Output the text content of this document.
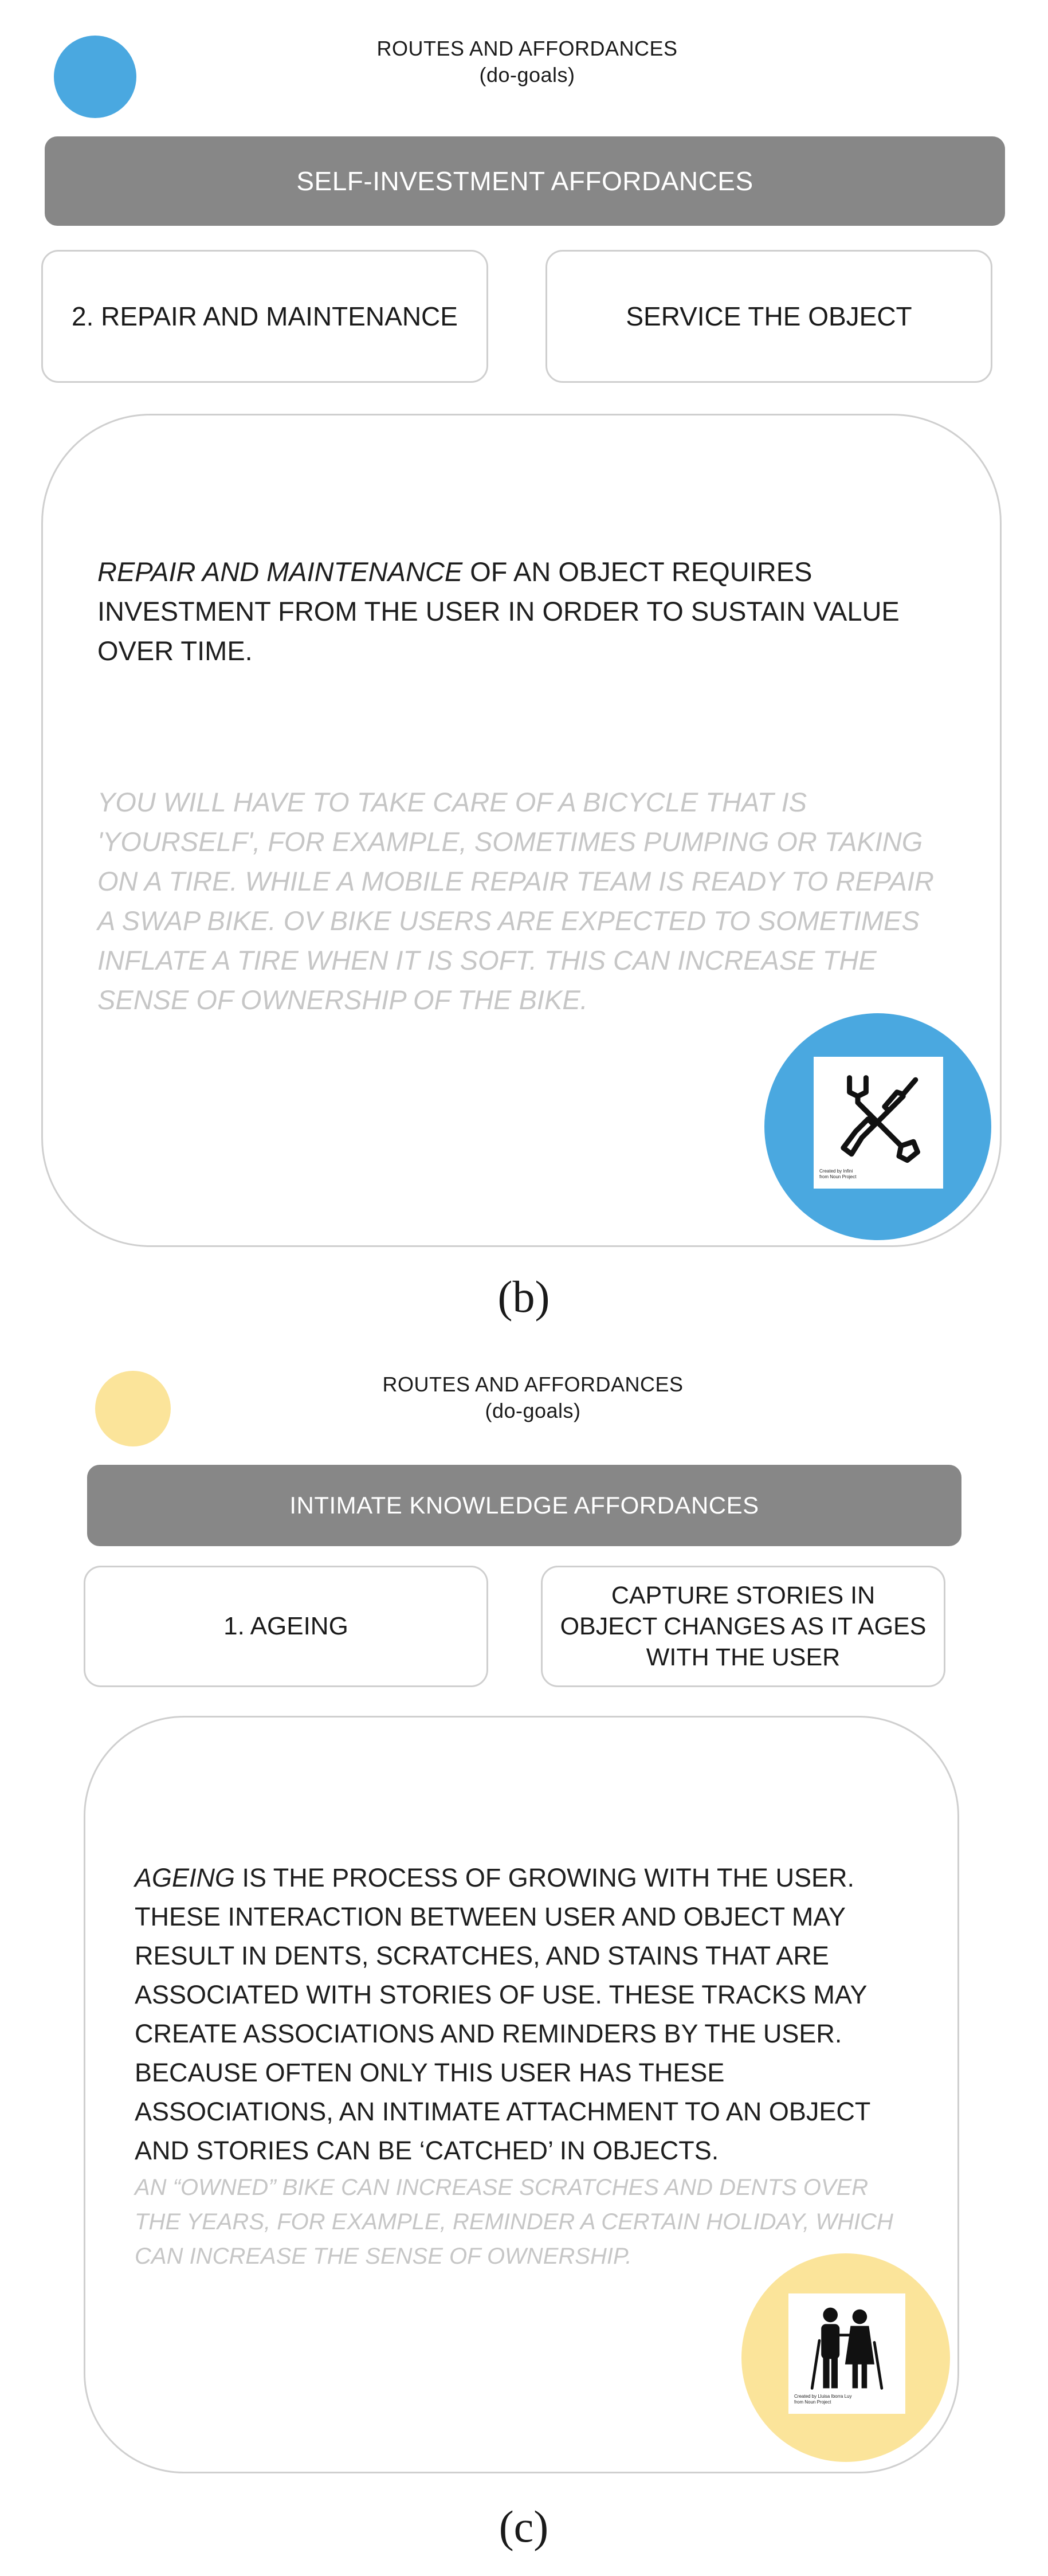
ROUTES AND AFFORDANCES
(do-goals)
SELF-INVESTMENT AFFORDANCES
2. REPAIR AND MAINTENANCE	SERVICE THE OBJECT
REPAIR AND MAINTENANCE OF AN OBJECT REQUIRES INVESTMENT FROM THE USER IN ORDER TO SUSTAIN VALUE OVER TIME.
YOU WILL HAVE TO TAKE CARE OF A BICYCLE THAT IS 'YOURSELF', FOR EXAMPLE, SOMETIMES PUMPING OR TAKING ON A TIRE. WHILE A MOBILE REPAIR TEAM IS READY TO REPAIR A SWAP BIKE. OV BIKE USERS ARE EXPECTED TO SOMETIMES INFLATE A TIRE WHEN IT IS SOFT. THIS CAN INCREASE THE SENSE OF OWNERSHIP OF THE BIKE.
Created by Infini
from Noun Project
(b)
ROUTES AND AFFORDANCES
(do-goals)
INTIMATE KNOWLEDGE AFFORDANCES
1. AGEING
CAPTURE STORIES IN OBJECT CHANGES AS IT AGES WITH THE USER
AGEING IS THE PROCESS OF GROWING WITH THE USER. THESE INTERACTION BETWEEN USER AND OBJECT MAY RESULT IN DENTS, SCRATCHES, AND STAINS THAT ARE ASSOCIATED WITH STORIES OF USE. THESE TRACKS MAY CREATE ASSOCIATIONS AND REMINDERS BY THE USER. BECAUSE OFTEN ONLY THIS USER HAS THESE ASSOCIATIONS, AN INTIMATE ATTACHMENT TO AN OBJECT AND STORIES CAN BE ‘CATCHED’ IN OBJECTS.
AN “OWNED” BIKE CAN INCREASE SCRATCHES AND DENTS OVER THE YEARS, FOR EXAMPLE, REMINDER A CERTAIN HOLIDAY, WHICH CAN INCREASE THE SENSE OF OWNERSHIP.
Created by Lluisa Iborra Luy
from Noun Project
(c)
